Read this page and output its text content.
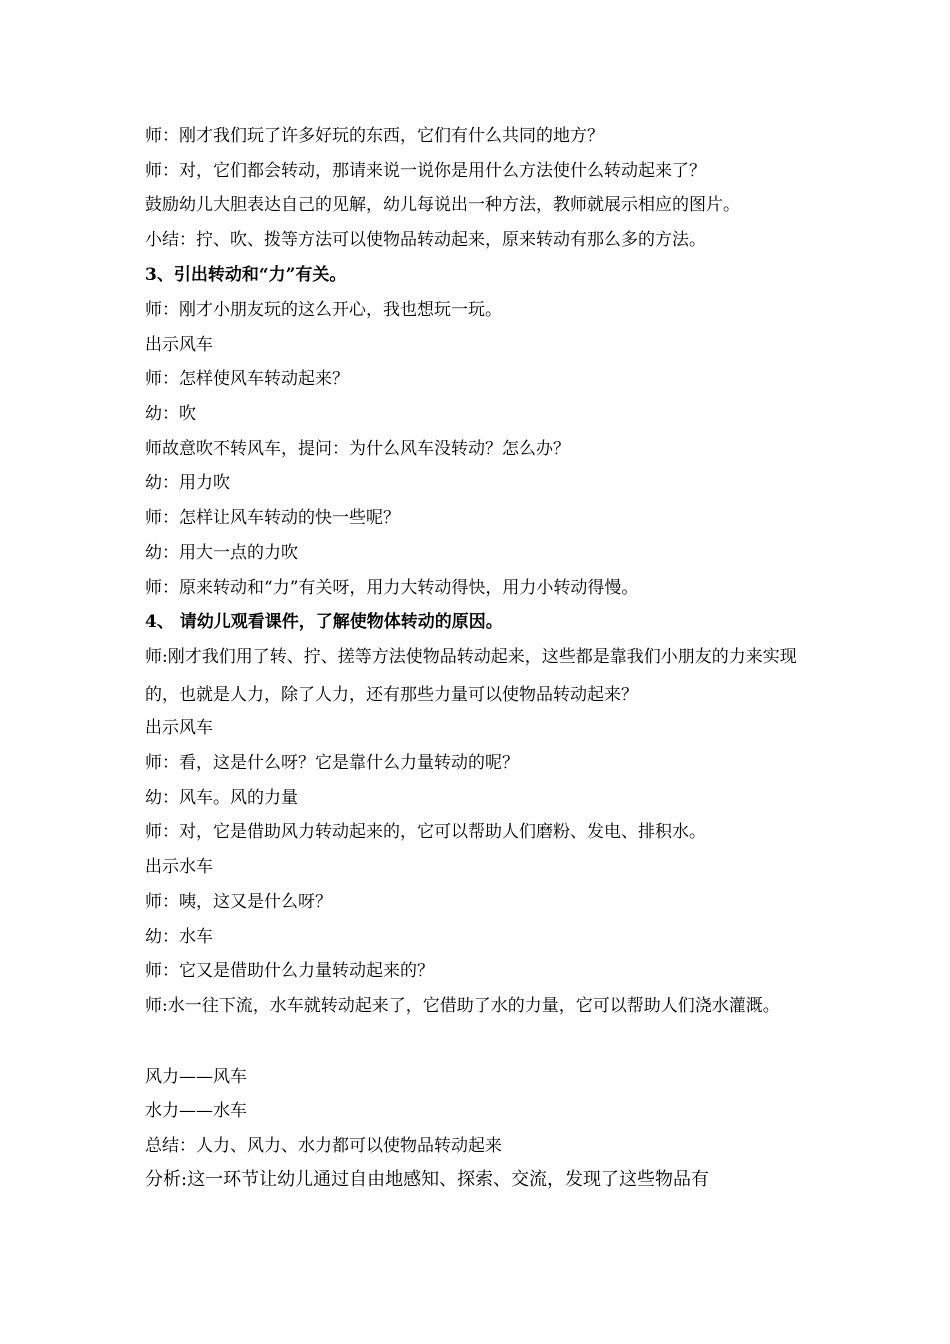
师：刚才我们玩了许多好玩的东西，它们有什么共同的地方？
师：对，它们都会转动，那请来说一说你是用什么方法使什么转动起来了？
鼓励幼儿大胆表达自己的见解，幼儿每说出一种方法，教师就展示相应的图片。
小结：拧、吹、拨等方法可以使物品转动起来，原来转动有那么多的方法。
3、引出转动和“力”有关。
师：刚才小朋友玩的这么开心，我也想玩一玩。
出示风车
师：怎样使风车转动起来？
幼：吹
师故意吹不转风车，提问：为什么风车没转动？怎么办？
幼：用力吹
师：怎样让风车转动的快一些呢？
幼：用大一点的力吹
师：原来转动和“力”有关呀，用力大转动得快，用力小转动得慢。
4、 请幼儿观看课件，了解使物体转动的原因。
师:刚才我们用了转、拧、搓等方法使物品转动起来，这些都是靠我们小朋友的力来实现的，也就是人力，除了人力，还有那些力量可以使物品转动起来？
出示风车
师：看，这是什么呀？它是靠什么力量转动的呢？
幼：风车。风的力量
师：对，它是借助风力转动起来的，它可以帮助人们磨粉、发电、排积水。
出示水车
师：咦，这又是什么呀？
幼：水车
师：它又是借助什么力量转动起来的？
师:水一往下流，水车就转动起来了，它借助了水的力量，它可以帮助人们浇水灌溉。
风力——风车
水力——水车
总结：人力、风力、水力都可以使物品转动起来
分析:这一环节让幼儿通过自由地感知、探索、交流，发现了这些物品有
